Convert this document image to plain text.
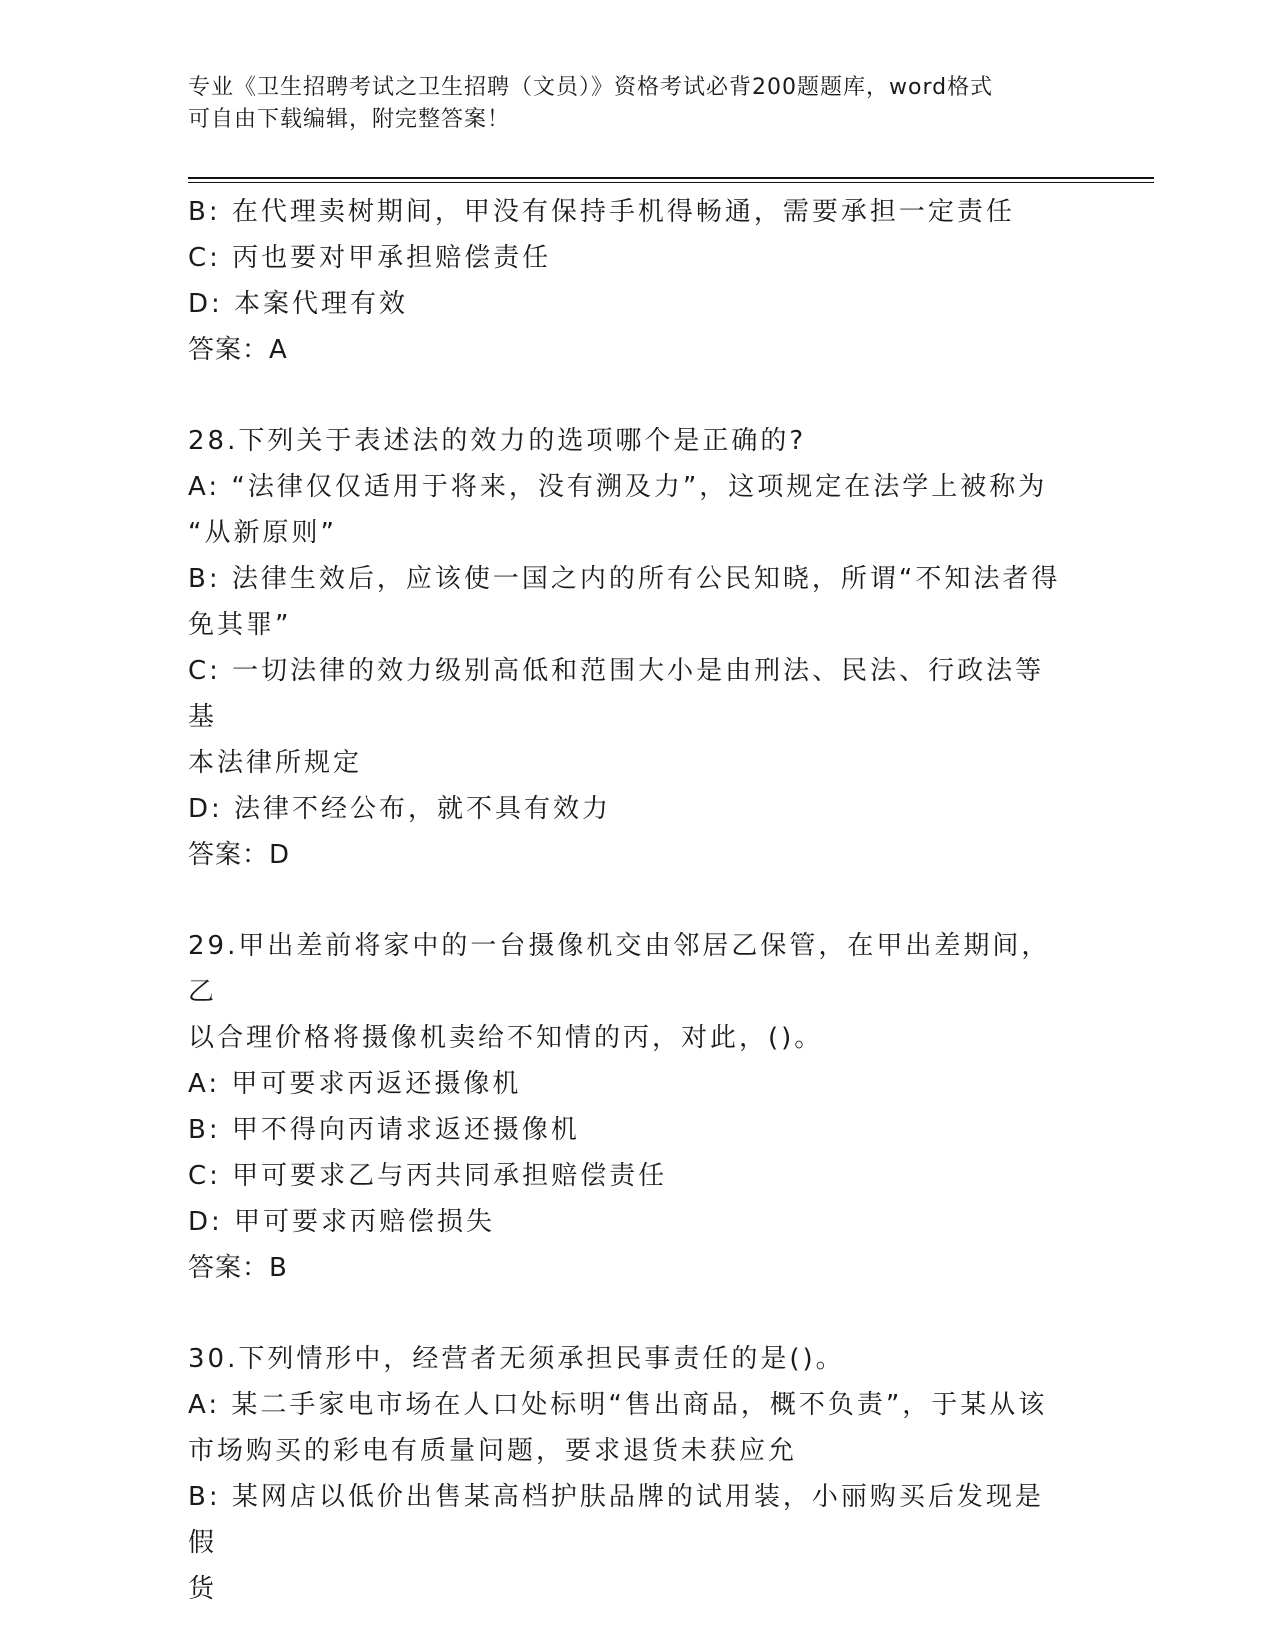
专业《卫生招聘考试之卫生招聘（文员）》资格考试必背200题题库，word格式
可自由下载编辑，附完整答案！

B: 在代理卖树期间，甲没有保持手机得畅通，需要承担一定责任

C: 丙也要对甲承担赔偿责任

D: 本案代理有效

答案：A

28.下列关于表述法的效力的选项哪个是正确的?

A: “法律仅仅适用于将来，没有溯及力”，这项规定在法学上被称为

“从新原则”

B: 法律生效后，应该使一国之内的所有公民知晓，所谓“不知法者得

免其罪”

C: 一切法律的效力级别高低和范围大小是由刑法、民法、行政法等基

本法律所规定

D: 法律不经公布，就不具有效力

答案：D

29.甲出差前将家中的一台摄像机交由邻居乙保管，在甲出差期间，乙

以合理价格将摄像机卖给不知情的丙，对此，()。

A: 甲可要求丙返还摄像机

B: 甲不得向丙请求返还摄像机

C: 甲可要求乙与丙共同承担赔偿责任

D: 甲可要求丙赔偿损失

答案：B

30.下列情形中，经营者无须承担民事责任的是()。

A: 某二手家电市场在人口处标明“售出商品，概不负责”，于某从该

市场购买的彩电有质量问题，要求退货未获应允

B: 某网店以低价出售某高档护肤品牌的试用装，小丽购买后发现是假

货
